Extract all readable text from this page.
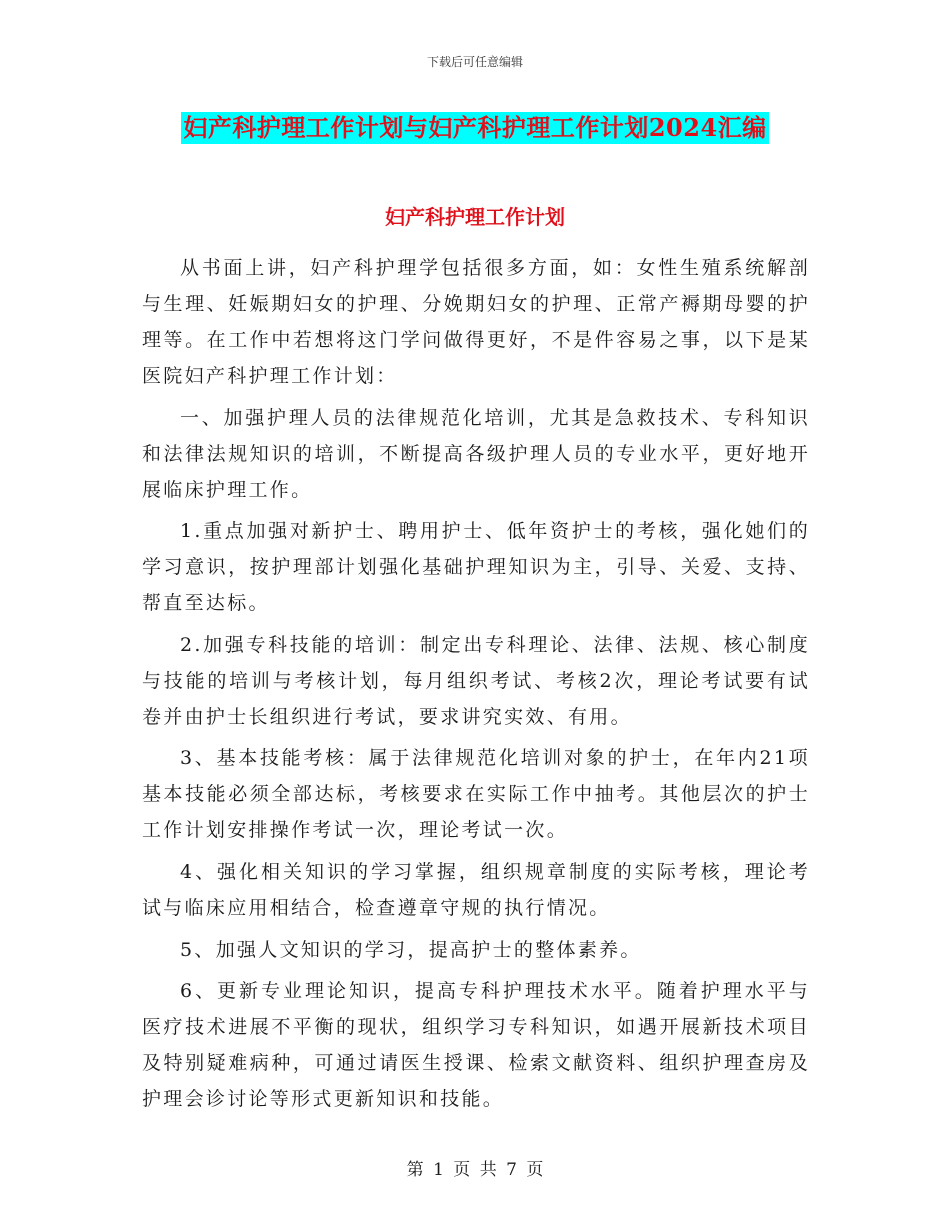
下载后可任意编辑
妇产科护理工作计划与妇产科护理工作计划2024汇编
妇产科护理工作计划

从书面上讲，妇产科护理学包括很多方面，如：女性生殖系统解剖与生理、妊娠期妇女的护理、分娩期妇女的护理、正常产褥期母婴的护理等。在工作中若想将这门学问做得更好，不是件容易之事，以下是某医院妇产科护理工作计划：

一、加强护理人员的法律规范化培训，尤其是急救技术、专科知识和法律法规知识的培训，不断提高各级护理人员的专业水平，更好地开展临床护理工作。

1.重点加强对新护士、聘用护士、低年资护士的考核，强化她们的学习意识，按护理部计划强化基础护理知识为主，引导、关爱、支持、帮直至达标。

2.加强专科技能的培训：制定出专科理论、法律、法规、核心制度与技能的培训与考核计划，每月组织考试、考核2次，理论考试要有试卷并由护士长组织进行考试，要求讲究实效、有用。

3、基本技能考核：属于法律规范化培训对象的护士，在年内21项基本技能必须全部达标，考核要求在实际工作中抽考。其他层次的护士工作计划安排操作考试一次，理论考试一次。

4、强化相关知识的学习掌握，组织规章制度的实际考核，理论考试与临床应用相结合，检查遵章守规的执行情况。

5、加强人文知识的学习，提高护士的整体素养。

6、更新专业理论知识，提高专科护理技术水平。随着护理水平与医疗技术进展不平衡的现状，组织学习专科知识，如遇开展新技术项目及特别疑难病种，可通过请医生授课、检索文献资料、组织护理查房及护理会诊讨论等形式更新知识和技能。

第 1 页 共 7 页
